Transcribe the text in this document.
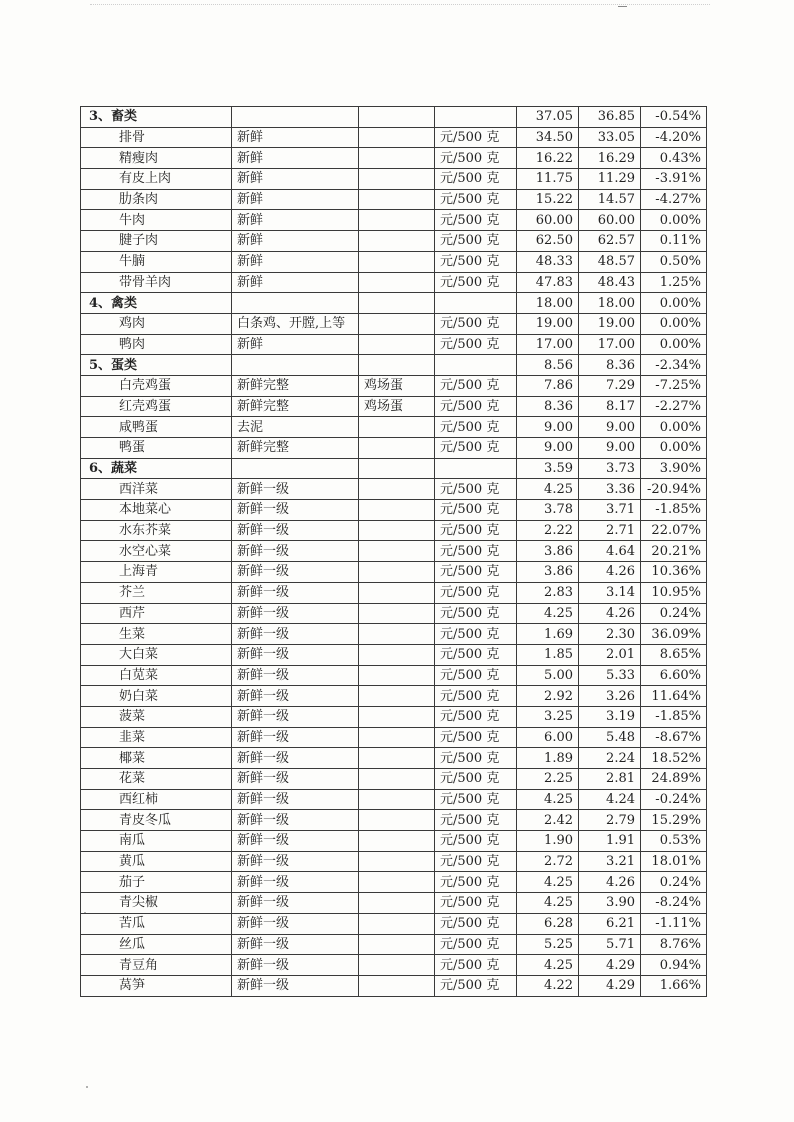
3、畜类				37.05	36.85	-0.54%
排骨	新鲜		元/500 克	34.50	33.05	-4.20%
精瘦肉	新鲜		元/500 克	16.22	16.29	0.43%
有皮上肉	新鲜		元/500 克	11.75	11.29	-3.91%
肋条肉	新鲜		元/500 克	15.22	14.57	-4.27%
牛肉	新鲜		元/500 克	60.00	60.00	0.00%
腱子肉	新鲜		元/500 克	62.50	62.57	0.11%
牛腩	新鲜		元/500 克	48.33	48.57	0.50%
带骨羊肉	新鲜		元/500 克	47.83	48.43	1.25%
4、禽类				18.00	18.00	0.00%
鸡肉	白条鸡、开膛,上等		元/500 克	19.00	19.00	0.00%
鸭肉	新鲜		元/500 克	17.00	17.00	0.00%
5、蛋类				8.56	8.36	-2.34%
白壳鸡蛋	新鲜完整	鸡场蛋	元/500 克	7.86	7.29	-7.25%
红壳鸡蛋	新鲜完整	鸡场蛋	元/500 克	8.36	8.17	-2.27%
咸鸭蛋	去泥		元/500 克	9.00	9.00	0.00%
鸭蛋	新鲜完整		元/500 克	9.00	9.00	0.00%
6、蔬菜				3.59	3.73	3.90%
西洋菜	新鲜一级		元/500 克	4.25	3.36	-20.94%
本地菜心	新鲜一级		元/500 克	3.78	3.71	-1.85%
水东芥菜	新鲜一级		元/500 克	2.22	2.71	22.07%
水空心菜	新鲜一级		元/500 克	3.86	4.64	20.21%
上海青	新鲜一级		元/500 克	3.86	4.26	10.36%
芥兰	新鲜一级		元/500 克	2.83	3.14	10.95%
西芹	新鲜一级		元/500 克	4.25	4.26	0.24%
生菜	新鲜一级		元/500 克	1.69	2.30	36.09%
大白菜	新鲜一级		元/500 克	1.85	2.01	8.65%
白苋菜	新鲜一级		元/500 克	5.00	5.33	6.60%
奶白菜	新鲜一级		元/500 克	2.92	3.26	11.64%
菠菜	新鲜一级		元/500 克	3.25	3.19	-1.85%
韭菜	新鲜一级		元/500 克	6.00	5.48	-8.67%
椰菜	新鲜一级		元/500 克	1.89	2.24	18.52%
花菜	新鲜一级		元/500 克	2.25	2.81	24.89%
西红柿	新鲜一级		元/500 克	4.25	4.24	-0.24%
青皮冬瓜	新鲜一级		元/500 克	2.42	2.79	15.29%
南瓜	新鲜一级		元/500 克	1.90	1.91	0.53%
黄瓜	新鲜一级		元/500 克	2.72	3.21	18.01%
茄子	新鲜一级		元/500 克	4.25	4.26	0.24%
青尖椒	新鲜一级		元/500 克	4.25	3.90	-8.24%
苦瓜	新鲜一级		元/500 克	6.28	6.21	-1.11%
丝瓜	新鲜一级		元/500 克	5.25	5.71	8.76%
青豆角	新鲜一级		元/500 克	4.25	4.29	0.94%
莴笋	新鲜一级		元/500 克	4.22	4.29	1.66%
